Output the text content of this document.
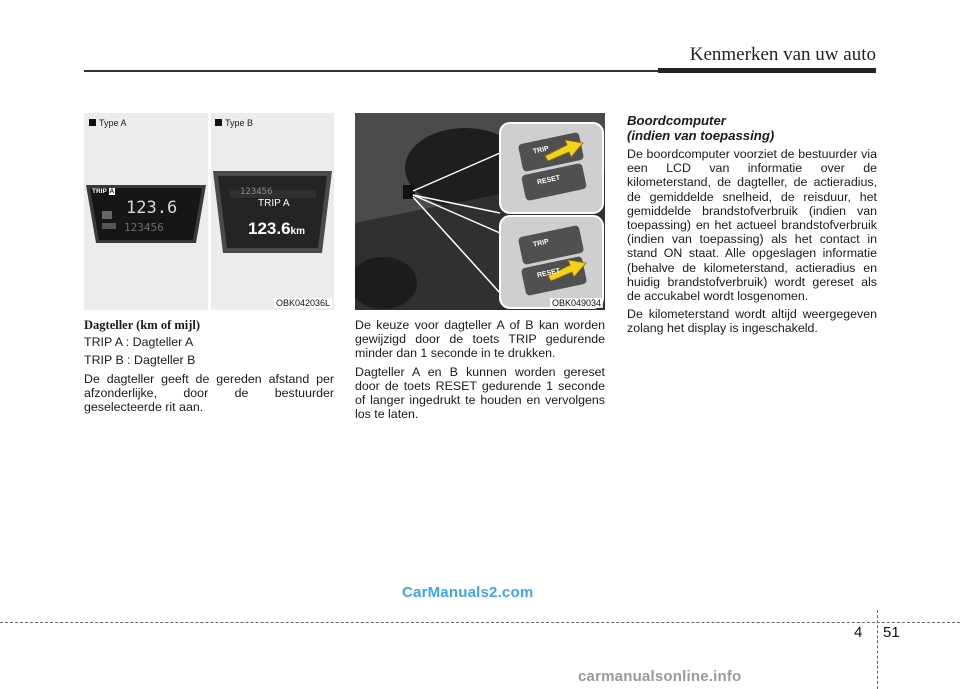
Kenmerken van uw auto
Type A	Type B
TRIP A
123.6
123456
123456
TRIP A
123.6km
OBK042036L
TRIP
RESET
TRIP
RESET
OBK049034
Dagteller (km of mijl)

TRIP A : Dagteller A

TRIP B : Dagteller B

De dagteller geeft de gereden afstand per afzonderlijke, door de bestuurder geselecteerde rit aan.

De keuze voor dagteller A of B kan worden gewijzigd door de toets TRIP gedurende minder dan 1 seconde in te drukken.

Dagteller A en B kunnen worden gereset door de toets RESET gedurende 1 seconde of langer ingedrukt te houden en vervolgens los te laten.

Boordcomputer
(indien van toepassing)

De boordcomputer voorziet de bestuurder via een LCD van informatie over de kilometerstand, de dagteller, de actieradius, de gemiddelde snelheid, de reisduur, het gemiddelde brandstofverbruik (indien van toepassing) en het actueel brandstofverbruik (indien van toepassing) als het contact in stand ON staat. Alle opgeslagen informatie (behalve de kilometerstand, actieradius en huidig brandstofverbruik) wordt gereset als de accukabel wordt losgenomen.

De kilometerstand wordt altijd weergegeven zolang het display is ingeschakeld.

CarManuals2.com
4 51
carmanualsonline.info
